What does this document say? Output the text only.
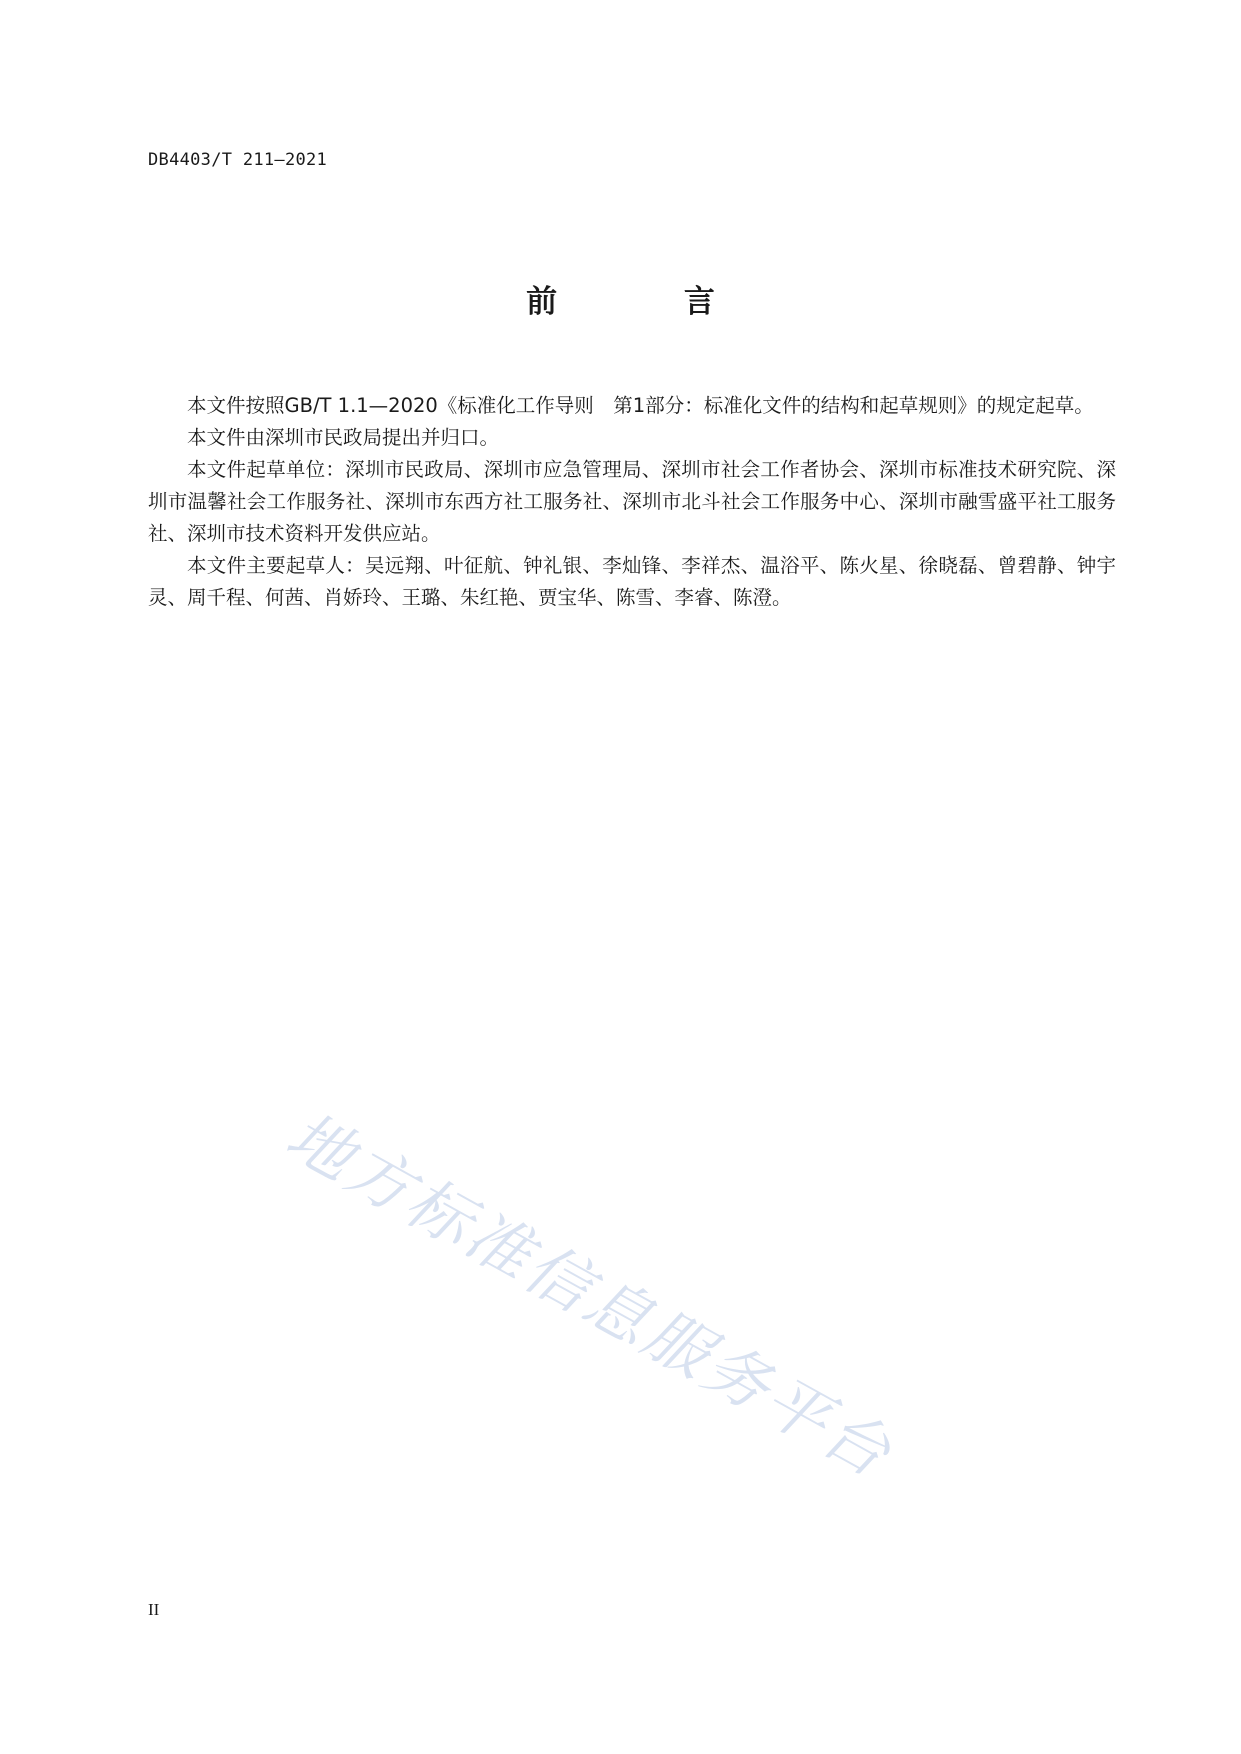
DB4403/T 211—2021
前 言

本文件按照GB/T 1.1—2020《标准化工作导则　第1部分：标准化文件的结构和起草规则》的规定起草。

本文件由深圳市民政局提出并归口。

本文件起草单位：深圳市民政局、深圳市应急管理局、深圳市社会工作者协会、深圳市标准技术研究院、深圳市温馨社会工作服务社、深圳市东西方社工服务社、深圳市北斗社会工作服务中心、深圳市融雪盛平社工服务社、深圳市技术资料开发供应站。

本文件主要起草人：吴远翔、叶征航、钟礼银、李灿锋、李祥杰、温浴平、陈火星、徐晓磊、曾碧静、钟宇灵、周千程、何茜、肖娇玲、王璐、朱红艳、贾宝华、陈雪、李睿、陈澄。

地方标准信息服务平台
II
